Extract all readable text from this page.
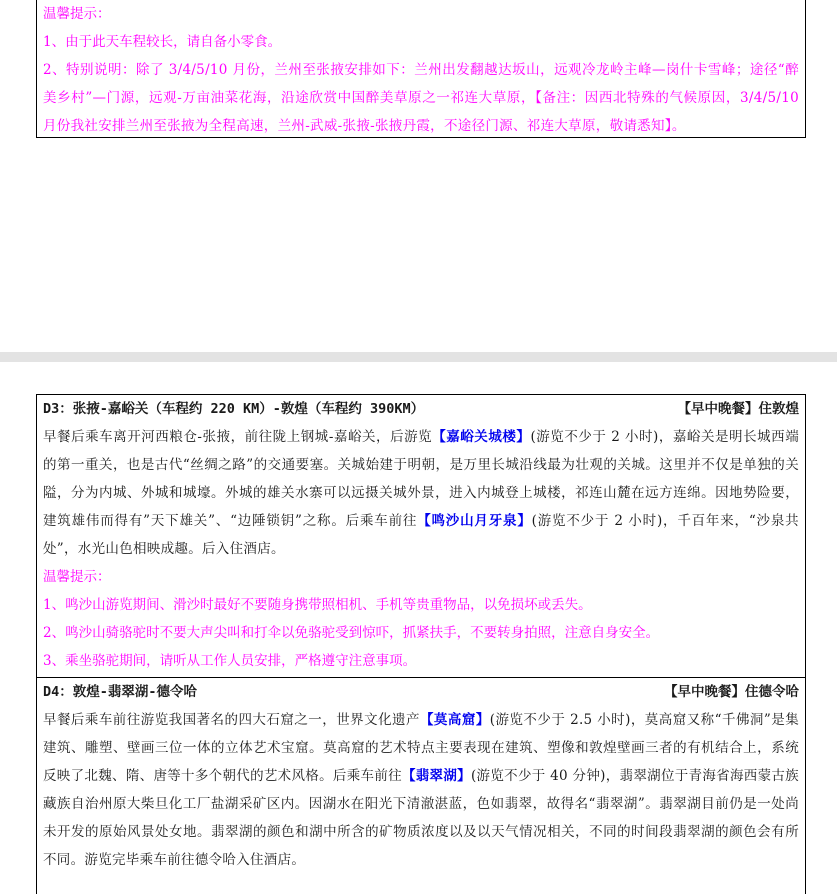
温馨提示：

1、由于此天车程较长，请自备小零食。

2、特别说明：除了 3/4/5/10 月份，兰州至张掖安排如下：兰州出发翻越达坂山，远观冷龙岭主峰—岗什卡雪峰；途径“醉美乡村”—门源，远观-万亩油菜花海，沿途欣赏中国醉美草原之一祁连大草原，【备注：因西北特殊的气候原因，3/4/5/10 月份我社安排兰州至张掖为全程高速，兰州-武威-张掖-张掖丹霞，不途径门源、祁连大草原，敬请悉知】。

D3：张掖-嘉峪关（车程约 220 KM）-敦煌（车程约 390KM）	【早中晚餐】住敦煌

早餐后乘车离开河西粮仓-张掖，前往陇上钢城-嘉峪关，后游览【嘉峪关城楼】(游览不少于 2 小时)，嘉峪关是明长城西端的第一重关，也是古代“丝绸之路”的交通要塞。关城始建于明朝，是万里长城沿线最为壮观的关城。这里并不仅是单独的关隘，分为内城、外城和城壕。外城的雄关水寨可以远摄关城外景，进入内城登上城楼，祁连山麓在远方连绵。因地势险要，建筑雄伟而得有”天下雄关”、“边陲锁钥”之称。后乘车前往【鸣沙山月牙泉】(游览不少于 2 小时)，千百年来，“沙泉共处”，水光山色相映成趣。后入住酒店。

温馨提示：

1、鸣沙山游览期间、滑沙时最好不要随身携带照相机、手机等贵重物品，以免损坏或丢失。

2、鸣沙山骑骆驼时不要大声尖叫和打伞以免骆驼受到惊吓，抓紧扶手，不要转身拍照，注意自身安全。

3、乘坐骆驼期间，请听从工作人员安排，严格遵守注意事项。

D4：敦煌-翡翠湖-德令哈	【早中晚餐】住德令哈

早餐后乘车前往游览我国著名的四大石窟之一，世界文化遗产【莫高窟】(游览不少于 2.5 小时)，莫高窟又称“千佛洞”是集建筑、雕塑、壁画三位一体的立体艺术宝窟。莫高窟的艺术特点主要表现在建筑、塑像和敦煌壁画三者的有机结合上，系统反映了北魏、隋、唐等十多个朝代的艺术风格。后乘车前往【翡翠湖】(游览不少于 40 分钟)，翡翠湖位于青海省海西蒙古族藏族自治州原大柴旦化工厂盐湖采矿区内。因湖水在阳光下清澈湛蓝，色如翡翠，故得名“翡翠湖”。翡翠湖目前仍是一处尚未开发的原始风景处女地。翡翠湖的颜色和湖中所含的矿物质浓度以及以天气情况相关，不同的时间段翡翠湖的颜色会有所不同。游览完毕乘车前往德令哈入住酒店。
